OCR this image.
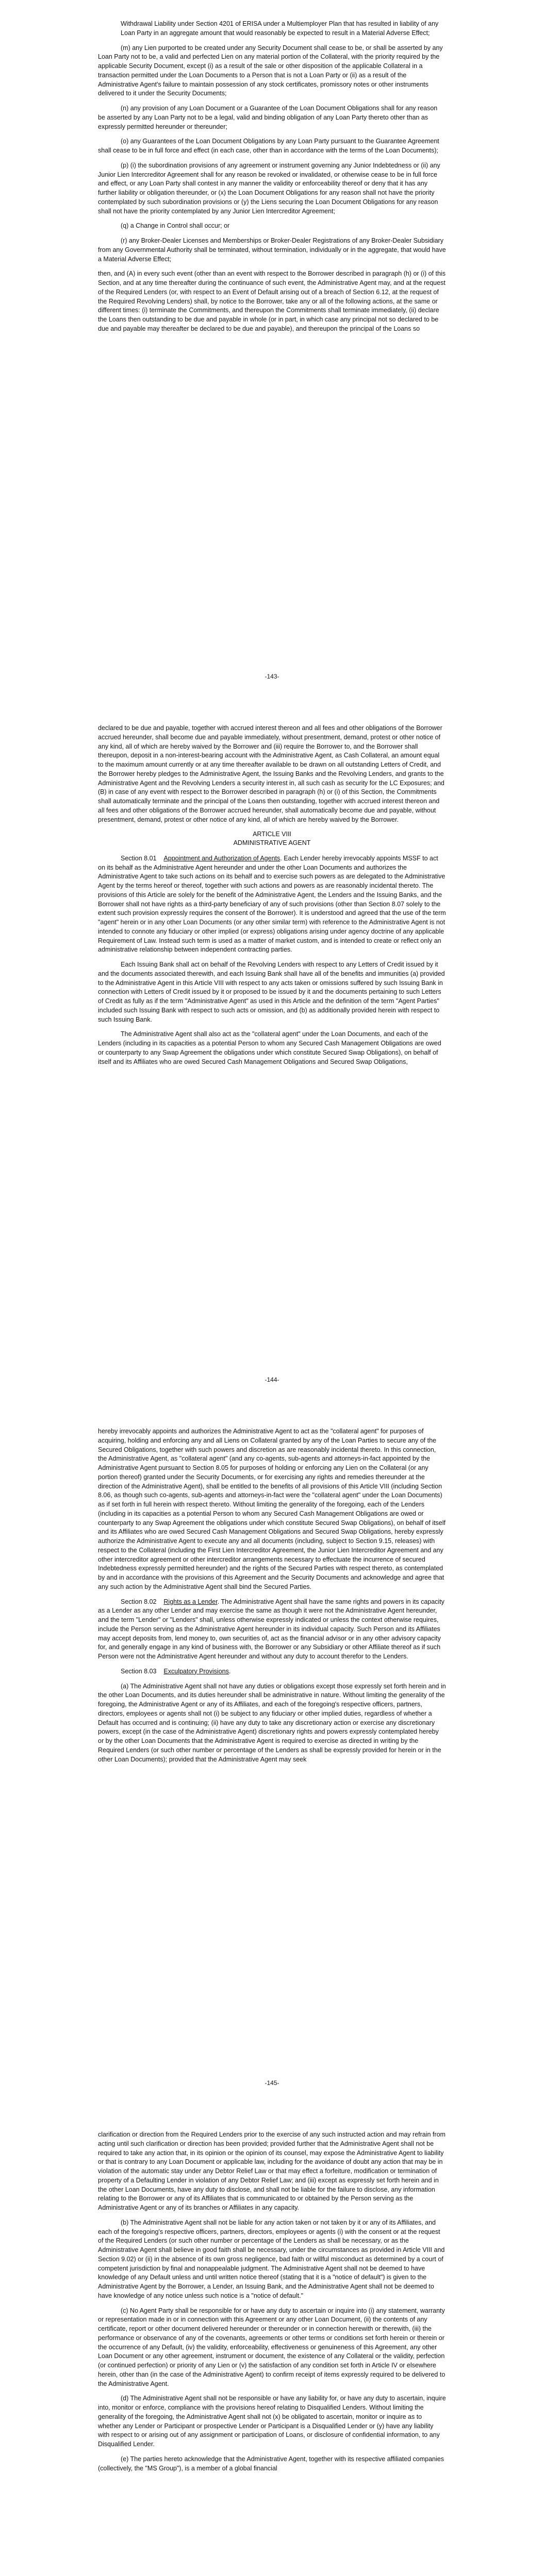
Withdrawal Liability under Section 4201 of ERISA under a Multiemployer Plan that has resulted in liability of any Loan Party in an aggregate amount that would reasonably be expected to result in a Material Adverse Effect;

(m) any Lien purported to be created under any Security Document shall cease to be, or shall be asserted by any Loan Party not to be, a valid and perfected Lien on any material portion of the Collateral, with the priority required by the applicable Security Document, except (i) as a result of the sale or other disposition of the applicable Collateral in a transaction permitted under the Loan Documents to a Person that is not a Loan Party or (ii) as a result of the Administrative Agent's failure to maintain possession of any stock certificates, promissory notes or other instruments delivered to it under the Security Documents;

(n) any provision of any Loan Document or a Guarantee of the Loan Document Obligations shall for any reason be asserted by any Loan Party not to be a legal, valid and binding obligation of any Loan Party thereto other than as expressly permitted hereunder or thereunder;

(o) any Guarantees of the Loan Document Obligations by any Loan Party pursuant to the Guarantee Agreement shall cease to be in full force and effect (in each case, other than in accordance with the terms of the Loan Documents);

(p) (i) the subordination provisions of any agreement or instrument governing any Junior Indebtedness or (ii) any Junior Lien Intercreditor Agreement shall for any reason be revoked or invalidated, or otherwise cease to be in full force and effect, or any Loan Party shall contest in any manner the validity or enforceability thereof or deny that it has any further liability or obligation thereunder, or (x) the Loan Document Obligations for any reason shall not have the priority contemplated by such subordination provisions or (y) the Liens securing the Loan Document Obligations for any reason shall not have the priority contemplated by any Junior Lien Intercreditor Agreement;

(q) a Change in Control shall occur; or

(r) any Broker-Dealer Licenses and Memberships or Broker-Dealer Registrations of any Broker-Dealer Subsidiary from any Governmental Authority shall be terminated, without termination, individually or in the aggregate, that would have a Material Adverse Effect;

then, and (A) in every such event (other than an event with respect to the Borrower described in paragraph (h) or (i) of this Section, and at any time thereafter during the continuance of such event, the Administrative Agent may, and at the request of the Required Lenders (or, with respect to an Event of Default arising out of a breach of Section 6.12, at the request of the Required Revolving Lenders) shall, by notice to the Borrower, take any or all of the following actions, at the same or different times: (i) terminate the Commitments, and thereupon the Commitments shall terminate immediately, (ii) declare the Loans then outstanding to be due and payable in whole (or in part, in which case any principal not so declared to be due and payable may thereafter be declared to be due and payable), and thereupon the principal of the Loans so

-143-

declared to be due and payable, together with accrued interest thereon and all fees and other obligations of the Borrower accrued hereunder, shall become due and payable immediately, without presentment, demand, protest or other notice of any kind, all of which are hereby waived by the Borrower and (iii) require the Borrower to, and the Borrower shall thereupon, deposit in a non-interest-bearing account with the Administrative Agent, as Cash Collateral, an amount equal to the maximum amount currently or at any time thereafter available to be drawn on all outstanding Letters of Credit, and the Borrower hereby pledges to the Administrative Agent, the Issuing Banks and the Revolving Lenders, and grants to the Administrative Agent and the Revolving Lenders a security interest in, all such cash as security for the LC Exposures; and (B) in case of any event with respect to the Borrower described in paragraph (h) or (i) of this Section, the Commitments shall automatically terminate and the principal of the Loans then outstanding, together with accrued interest thereon and all fees and other obligations of the Borrower accrued hereunder, shall automatically become due and payable, without presentment, demand, protest or other notice of any kind, all of which are hereby waived by the Borrower.

ARTICLE VIII
ADMINISTRATIVE AGENT

Section 8.01 Appointment and Authorization of Agents. Each Lender hereby irrevocably appoints MSSF to act on its behalf as the Administrative Agent hereunder and under the other Loan Documents and authorizes the Administrative Agent to take such actions on its behalf and to exercise such powers as are delegated to the Administrative Agent by the terms hereof or thereof, together with such actions and powers as are reasonably incidental thereto. The provisions of this Article are solely for the benefit of the Administrative Agent, the Lenders and the Issuing Banks, and the Borrower shall not have rights as a third-party beneficiary of any of such provisions (other than Section 8.07 solely to the extent such provision expressly requires the consent of the Borrower). It is understood and agreed that the use of the term "agent" herein or in any other Loan Documents (or any other similar term) with reference to the Administrative Agent is not intended to connote any fiduciary or other implied (or express) obligations arising under agency doctrine of any applicable Requirement of Law. Instead such term is used as a matter of market custom, and is intended to create or reflect only an administrative relationship between independent contracting parties.

Each Issuing Bank shall act on behalf of the Revolving Lenders with respect to any Letters of Credit issued by it and the documents associated therewith, and each Issuing Bank shall have all of the benefits and immunities (a) provided to the Administrative Agent in this Article VIII with respect to any acts taken or omissions suffered by such Issuing Bank in connection with Letters of Credit issued by it or proposed to be issued by it and the documents pertaining to such Letters of Credit as fully as if the term "Administrative Agent" as used in this Article and the definition of the term "Agent Parties" included such Issuing Bank with respect to such acts or omission, and (b) as additionally provided herein with respect to such Issuing Bank.

The Administrative Agent shall also act as the "collateral agent" under the Loan Documents, and each of the Lenders (including in its capacities as a potential Person to whom any Secured Cash Management Obligations are owed or counterparty to any Swap Agreement the obligations under which constitute Secured Swap Obligations), on behalf of itself and its Affiliates who are owed Secured Cash Management Obligations and Secured Swap Obligations,

-144-

hereby irrevocably appoints and authorizes the Administrative Agent to act as the "collateral agent" for purposes of acquiring, holding and enforcing any and all Liens on Collateral granted by any of the Loan Parties to secure any of the Secured Obligations, together with such powers and discretion as are reasonably incidental thereto. In this connection, the Administrative Agent, as "collateral agent" (and any co-agents, sub-agents and attorneys-in-fact appointed by the Administrative Agent pursuant to Section 8.05 for purposes of holding or enforcing any Lien on the Collateral (or any portion thereof) granted under the Security Documents, or for exercising any rights and remedies thereunder at the direction of the Administrative Agent), shall be entitled to the benefits of all provisions of this Article VIII (including Section 8.06, as though such co-agents, sub-agents and attorneys-in-fact were the "collateral agent" under the Loan Documents) as if set forth in full herein with respect thereto. Without limiting the generality of the foregoing, each of the Lenders (including in its capacities as a potential Person to whom any Secured Cash Management Obligations are owed or counterparty to any Swap Agreement the obligations under which constitute Secured Swap Obligations), on behalf of itself and its Affiliates who are owed Secured Cash Management Obligations and Secured Swap Obligations, hereby expressly authorize the Administrative Agent to execute any and all documents (including, subject to Section 9.15, releases) with respect to the Collateral (including the First Lien Intercreditor Agreement, the Junior Lien Intercreditor Agreement and any other intercreditor agreement or other intercreditor arrangements necessary to effectuate the incurrence of secured Indebtedness expressly permitted hereunder) and the rights of the Secured Parties with respect thereto, as contemplated by and in accordance with the provisions of this Agreement and the Security Documents and acknowledge and agree that any such action by the Administrative Agent shall bind the Secured Parties.

Section 8.02 Rights as a Lender. The Administrative Agent shall have the same rights and powers in its capacity as a Lender as any other Lender and may exercise the same as though it were not the Administrative Agent hereunder, and the term "Lender" or "Lenders" shall, unless otherwise expressly indicated or unless the context otherwise requires, include the Person serving as the Administrative Agent hereunder in its individual capacity. Such Person and its Affiliates may accept deposits from, lend money to, own securities of, act as the financial advisor or in any other advisory capacity for, and generally engage in any kind of business with, the Borrower or any Subsidiary or other Affiliate thereof as if such Person were not the Administrative Agent hereunder and without any duty to account therefor to the Lenders.

Section 8.03 Exculpatory Provisions.

(a) The Administrative Agent shall not have any duties or obligations except those expressly set forth herein and in the other Loan Documents, and its duties hereunder shall be administrative in nature. Without limiting the generality of the foregoing, the Administrative Agent or any of its Affiliates, and each of the foregoing's respective officers, partners, directors, employees or agents shall not (i) be subject to any fiduciary or other implied duties, regardless of whether a Default has occurred and is continuing; (ii) have any duty to take any discretionary action or exercise any discretionary powers, except (in the case of the Administrative Agent) discretionary rights and powers expressly contemplated hereby or by the other Loan Documents that the Administrative Agent is required to exercise as directed in writing by the Required Lenders (or such other number or percentage of the Lenders as shall be expressly provided for herein or in the other Loan Documents); provided that the Administrative Agent may seek

-145-

clarification or direction from the Required Lenders prior to the exercise of any such instructed action and may refrain from acting until such clarification or direction has been provided; provided further that the Administrative Agent shall not be required to take any action that, in its opinion or the opinion of its counsel, may expose the Administrative Agent to liability or that is contrary to any Loan Document or applicable law, including for the avoidance of doubt any action that may be in violation of the automatic stay under any Debtor Relief Law or that may effect a forfeiture, modification or termination of property of a Defaulting Lender in violation of any Debtor Relief Law; and (iii) except as expressly set forth herein and in the other Loan Documents, have any duty to disclose, and shall not be liable for the failure to disclose, any information relating to the Borrower or any of its Affiliates that is communicated to or obtained by the Person serving as the Administrative Agent or any of its branches or Affiliates in any capacity.

(b) The Administrative Agent shall not be liable for any action taken or not taken by it or any of its Affiliates, and each of the foregoing's respective officers, partners, directors, employees or agents (i) with the consent or at the request of the Required Lenders (or such other number or percentage of the Lenders as shall be necessary, or as the Administrative Agent shall believe in good faith shall be necessary, under the circumstances as provided in Article VIII and Section 9.02) or (ii) in the absence of its own gross negligence, bad faith or willful misconduct as determined by a court of competent jurisdiction by final and nonappealable judgment. The Administrative Agent shall not be deemed to have knowledge of any Default unless and until written notice thereof (stating that it is a "notice of default") is given to the Administrative Agent by the Borrower, a Lender, an Issuing Bank, and the Administrative Agent shall not be deemed to have knowledge of any notice unless such notice is a "notice of default."

(c) No Agent Party shall be responsible for or have any duty to ascertain or inquire into (i) any statement, warranty or representation made in or in connection with this Agreement or any other Loan Document, (ii) the contents of any certificate, report or other document delivered hereunder or thereunder or in connection herewith or therewith, (iii) the performance or observance of any of the covenants, agreements or other terms or conditions set forth herein or therein or the occurrence of any Default, (iv) the validity, enforceability, effectiveness or genuineness of this Agreement, any other Loan Document or any other agreement, instrument or document, the existence of any Collateral or the validity, perfection (or continued perfection) or priority of any Lien or (v) the satisfaction of any condition set forth in Article IV or elsewhere herein, other than (in the case of the Administrative Agent) to confirm receipt of items expressly required to be delivered to the Administrative Agent.

(d) The Administrative Agent shall not be responsible or have any liability for, or have any duty to ascertain, inquire into, monitor or enforce, compliance with the provisions hereof relating to Disqualified Lenders. Without limiting the generality of the foregoing, the Administrative Agent shall not (x) be obligated to ascertain, monitor or inquire as to whether any Lender or Participant or prospective Lender or Participant is a Disqualified Lender or (y) have any liability with respect to or arising out of any assignment or participation of Loans, or disclosure of confidential information, to any Disqualified Lender.

(e) The parties hereto acknowledge that the Administrative Agent, together with its respective affiliated companies (collectively, the "MS Group"), is a member of a global financial
